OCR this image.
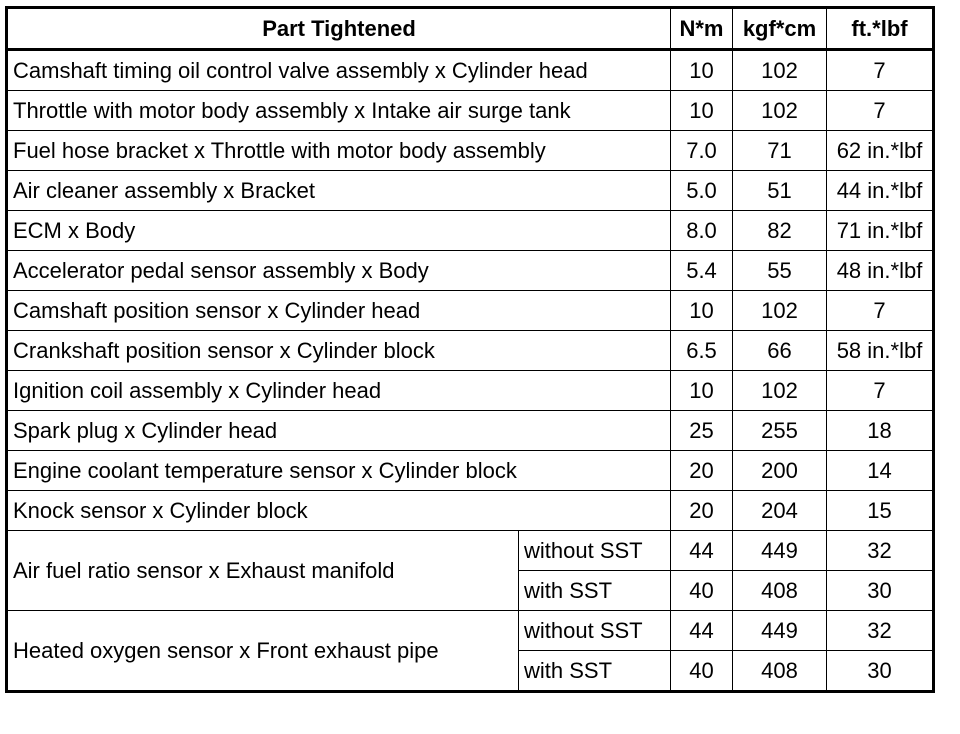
Part Tightened		N*m	kgf*cm	ft.*lbf
Camshaft timing oil control valve assembly x Cylinder head		10	102	7
Throttle with motor body assembly x Intake air surge tank		10	102	7
Fuel hose bracket x Throttle with motor body assembly		7.0	71	62 in.*lbf
Air cleaner assembly x Bracket		5.0	51	44 in.*lbf
ECM x Body		8.0	82	71 in.*lbf
Accelerator pedal sensor assembly x Body		5.4	55	48 in.*lbf
Camshaft position sensor x Cylinder head		10	102	7
Crankshaft position sensor x Cylinder block		6.5	66	58 in.*lbf
Ignition coil assembly x Cylinder head		10	102	7
Spark plug x Cylinder head		25	255	18
Engine coolant temperature sensor x Cylinder block		20	200	14
Knock sensor x Cylinder block		20	204	15
Air fuel ratio sensor x Exhaust manifold	without SST	44	449	32
	with SST	40	408	30
Heated oxygen sensor x Front exhaust pipe	without SST	44	449	32
	with SST	40	408	30
